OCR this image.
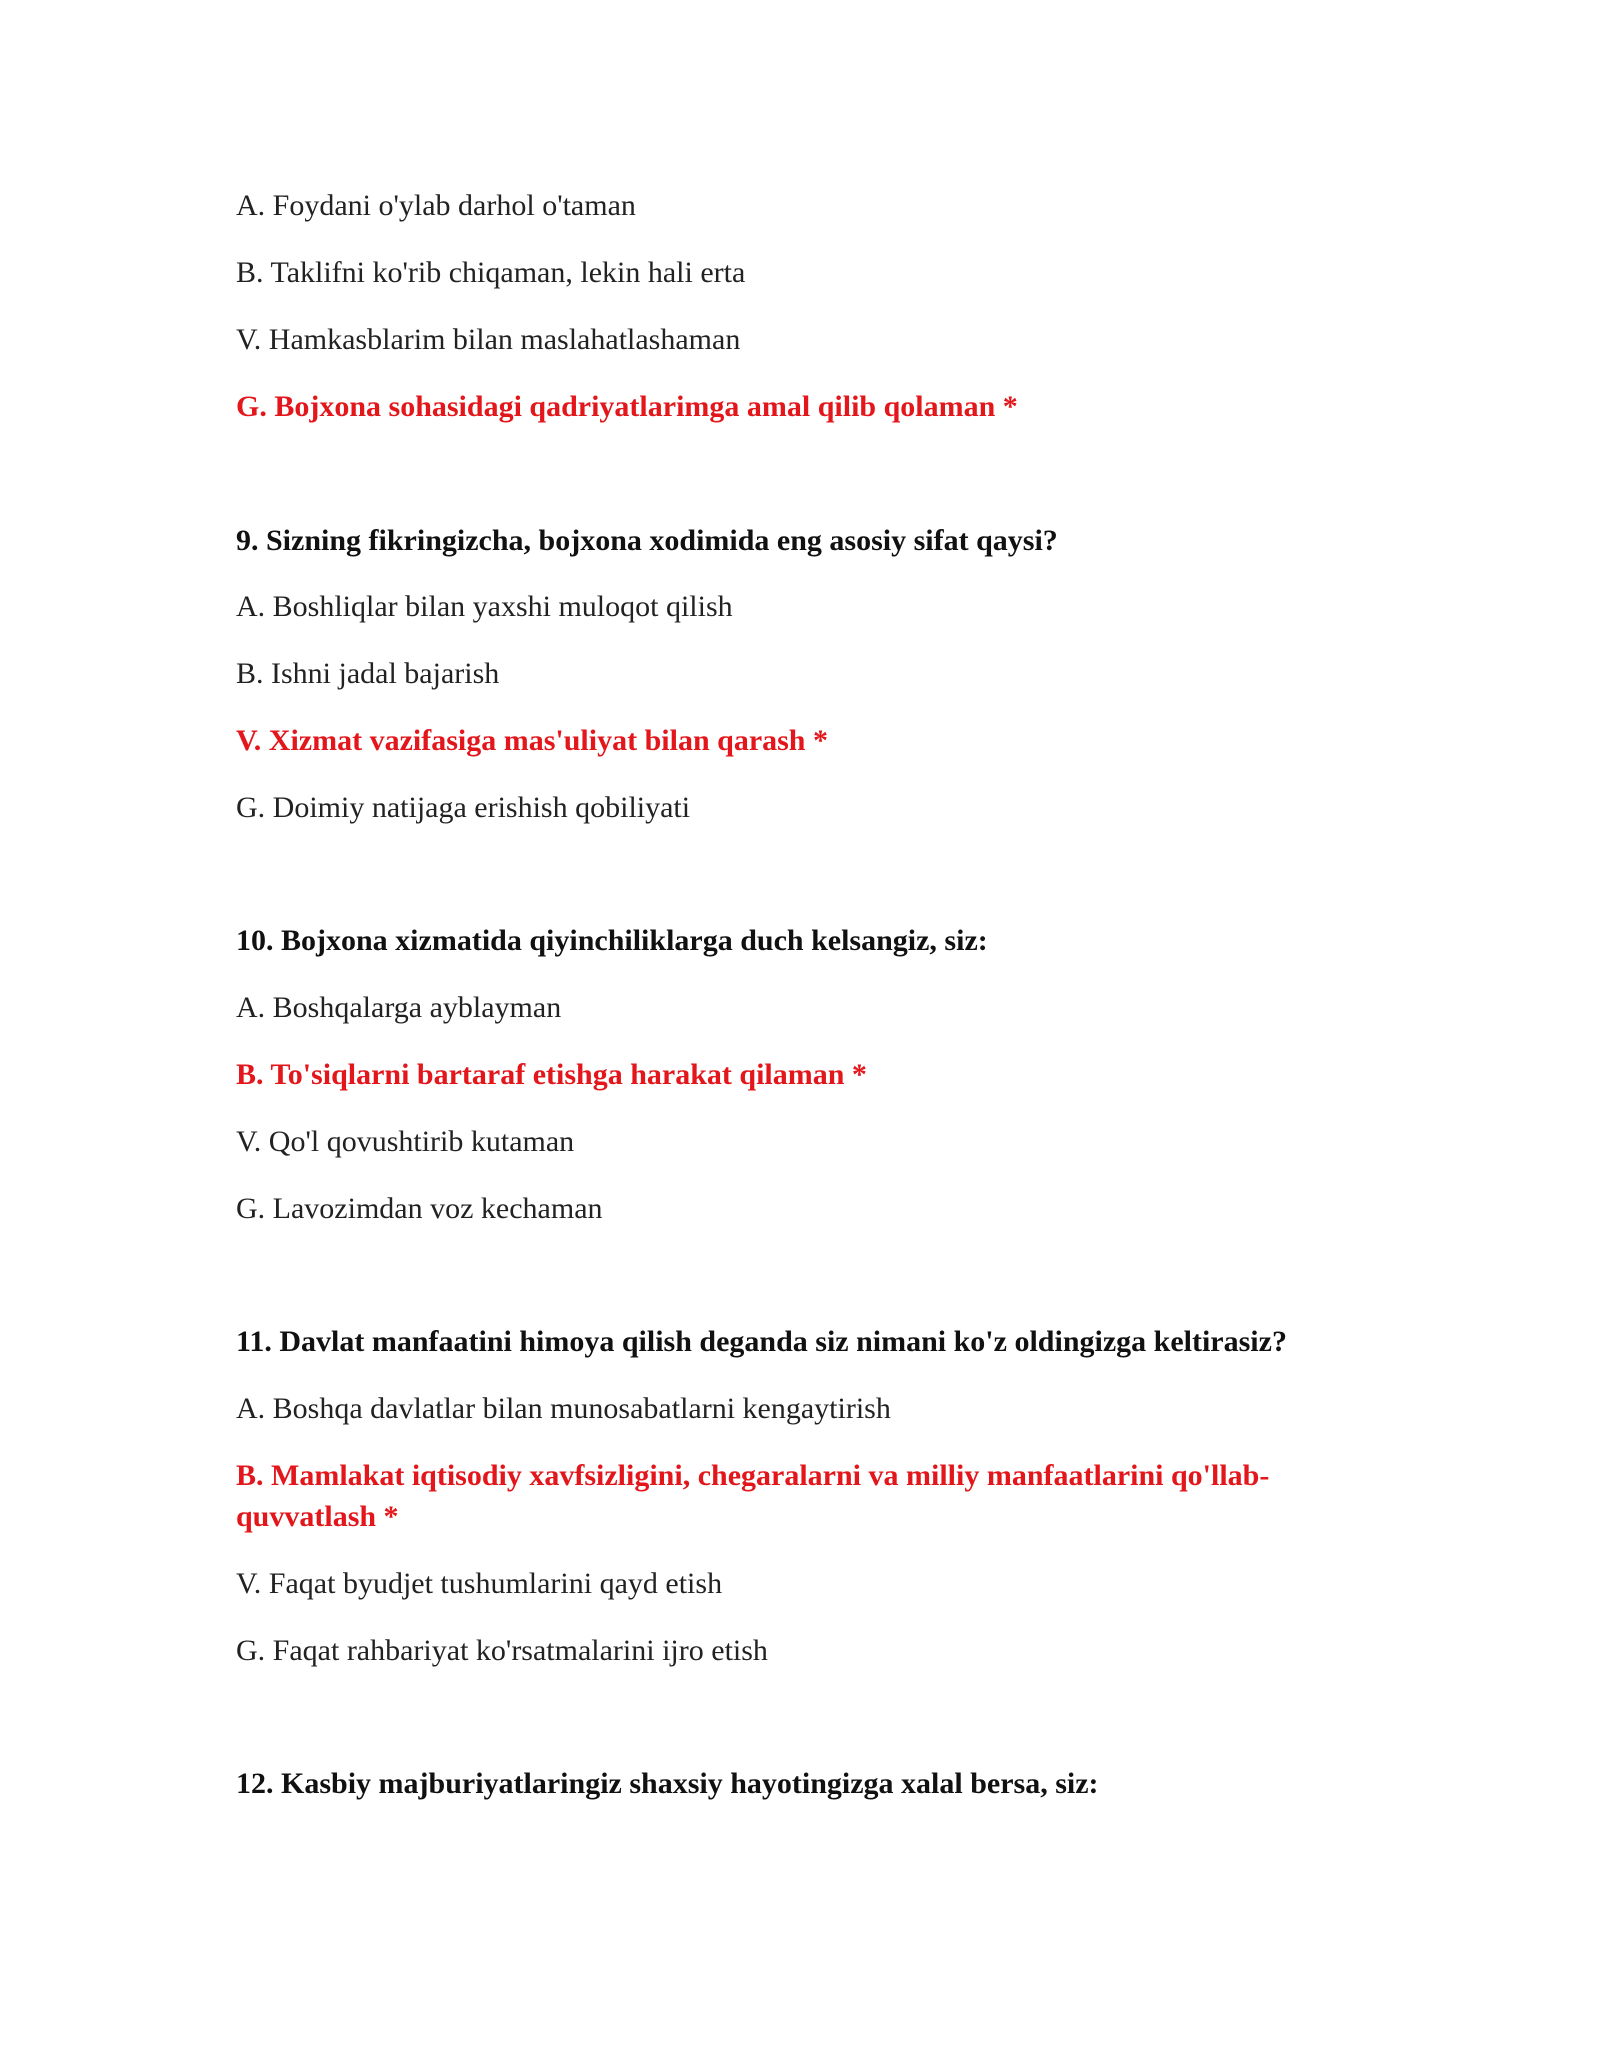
A. Foydani o'ylab darhol o'taman
B. Taklifni ko'rib chiqaman, lekin hali erta
V. Hamkasblarim bilan maslahatlashaman
G. Bojxona sohasidagi qadriyatlarimga amal qilib qolaman *
9. Sizning fikringizcha, bojxona xodimida eng asosiy sifat qaysi?
A. Boshliqlar bilan yaxshi muloqot qilish
B. Ishni jadal bajarish
V. Xizmat vazifasiga mas'uliyat bilan qarash *
G. Doimiy natijaga erishish qobiliyati
10. Bojxona xizmatida qiyinchiliklarga duch kelsangiz, siz:
A. Boshqalarga ayblayman
B. To'siqlarni bartaraf etishga harakat qilaman *
V. Qo'l qovushtirib kutaman
G. Lavozimdan voz kechaman
11. Davlat manfaatini himoya qilish deganda siz nimani ko'z oldingizga keltirasiz?
A. Boshqa davlatlar bilan munosabatlarni kengaytirish
B. Mamlakat iqtisodiy xavfsizligini, chegaralarni va milliy manfaatlarini qo'llab-quvvatlash *
V. Faqat byudjet tushumlarini qayd etish
G. Faqat rahbariyat ko'rsatmalarini ijro etish
12. Kasbiy majburiyatlaringiz shaxsiy hayotingizga xalal bersa, siz:
